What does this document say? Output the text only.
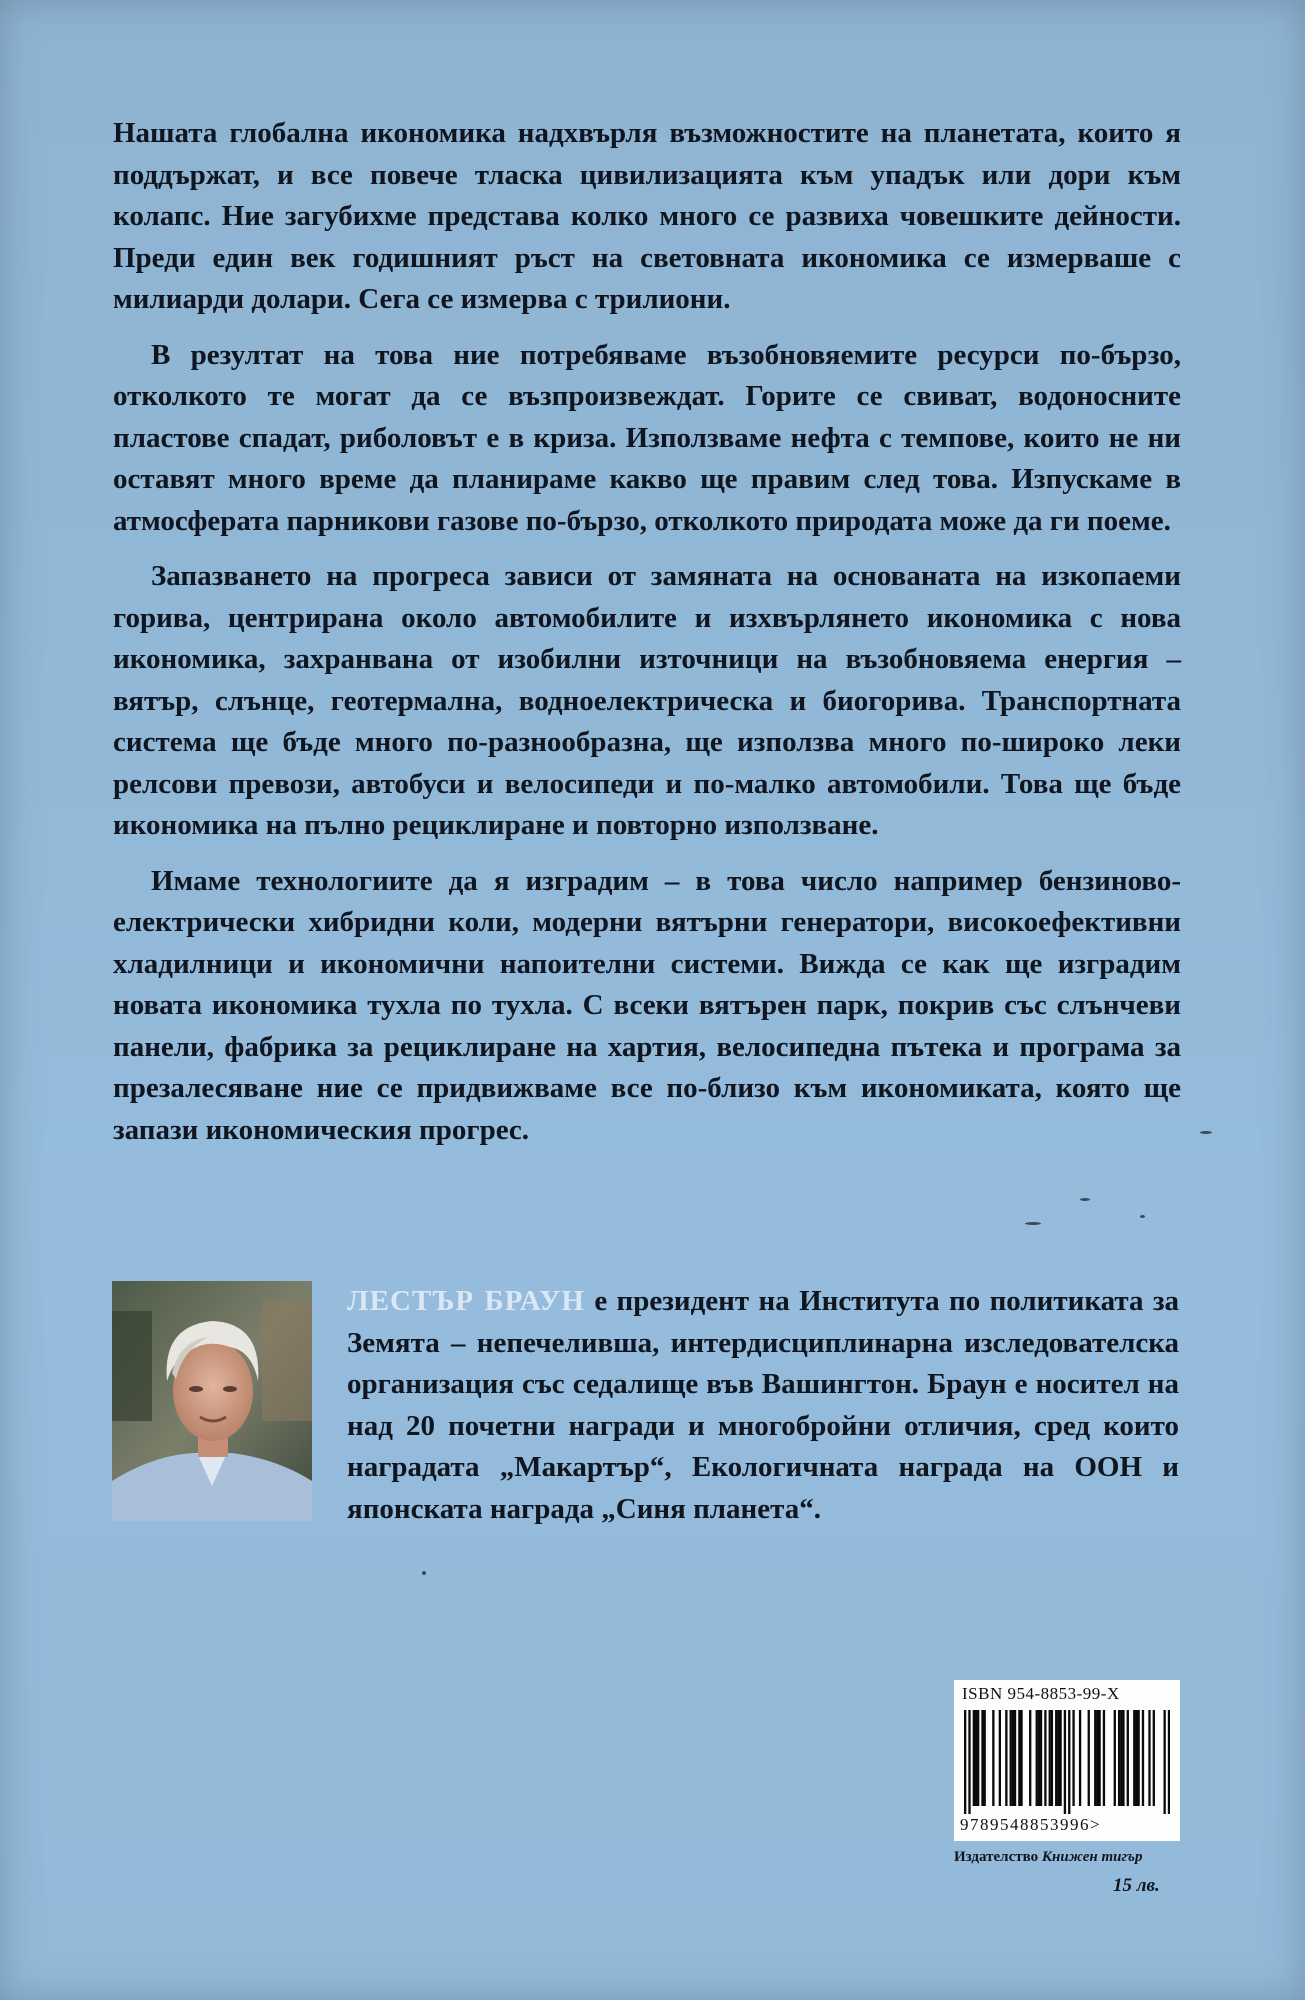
Нашата глобална икономика надхвърля възможностите на планетата, които я поддържат, и все повече тласка цивилизацията към упадък или дори към колапс. Ние загубихме представа колко много се развиха човешките дейности. Преди един век годишният ръст на световната икономика се измерваше с милиарди долари. Сега се измерва с трилиони.

В резултат на това ние потребяваме възобновяемите ресурси по-бързо, отколкото те могат да се възпроизвеждат. Горите се свиват, водоносните пластове спадат, риболовът е в криза. Използваме нефта с темпове, които не ни оставят много време да планираме какво ще правим след това. Изпускаме в атмосферата парникови газове по-бързо, отколкото природата може да ги поеме.

Запазването на прогреса зависи от замяната на основаната на изкопаеми горива, центрирана около автомобилите и изхвърлянето икономика с нова икономика, захранвана от изобилни източници на възобновяема енергия – вятър, слънце, геотермална, водноелектрическа и биогорива. Транспортната система ще бъде много по-разнообразна, ще използва много по-широко леки релсови превози, автобуси и велосипеди и по-малко автомобили. Това ще бъде икономика на пълно рециклиране и повторно използване.

Имаме технологиите да я изградим – в това число например бензиново-електрически хибридни коли, модерни вятърни генератори, високоефективни хладилници и икономични напоителни системи. Вижда се как ще изградим новата икономика тухла по тухла. С всеки вятърен парк, покрив със слънчеви панели, фабрика за рециклиране на хартия, велосипедна пътека и програма за презалесяване ние се придвижваме все по-близо към икономиката, която ще запази икономическия прогрес.

ЛЕСТЪР БРАУН е президент на Института по политиката за Земята – непечеливша, интердисциплинарна изследователска организация със седалище във Вашингтон. Браун е носител на над 20 почетни награди и многобройни отличия, сред които наградата „Макартър“, Екологичната награда на ООН и японската награда „Синя планета“.

ISBN 954-8853-99-X
9789548853996>
Издателство Книжен тигър
15 лв.
